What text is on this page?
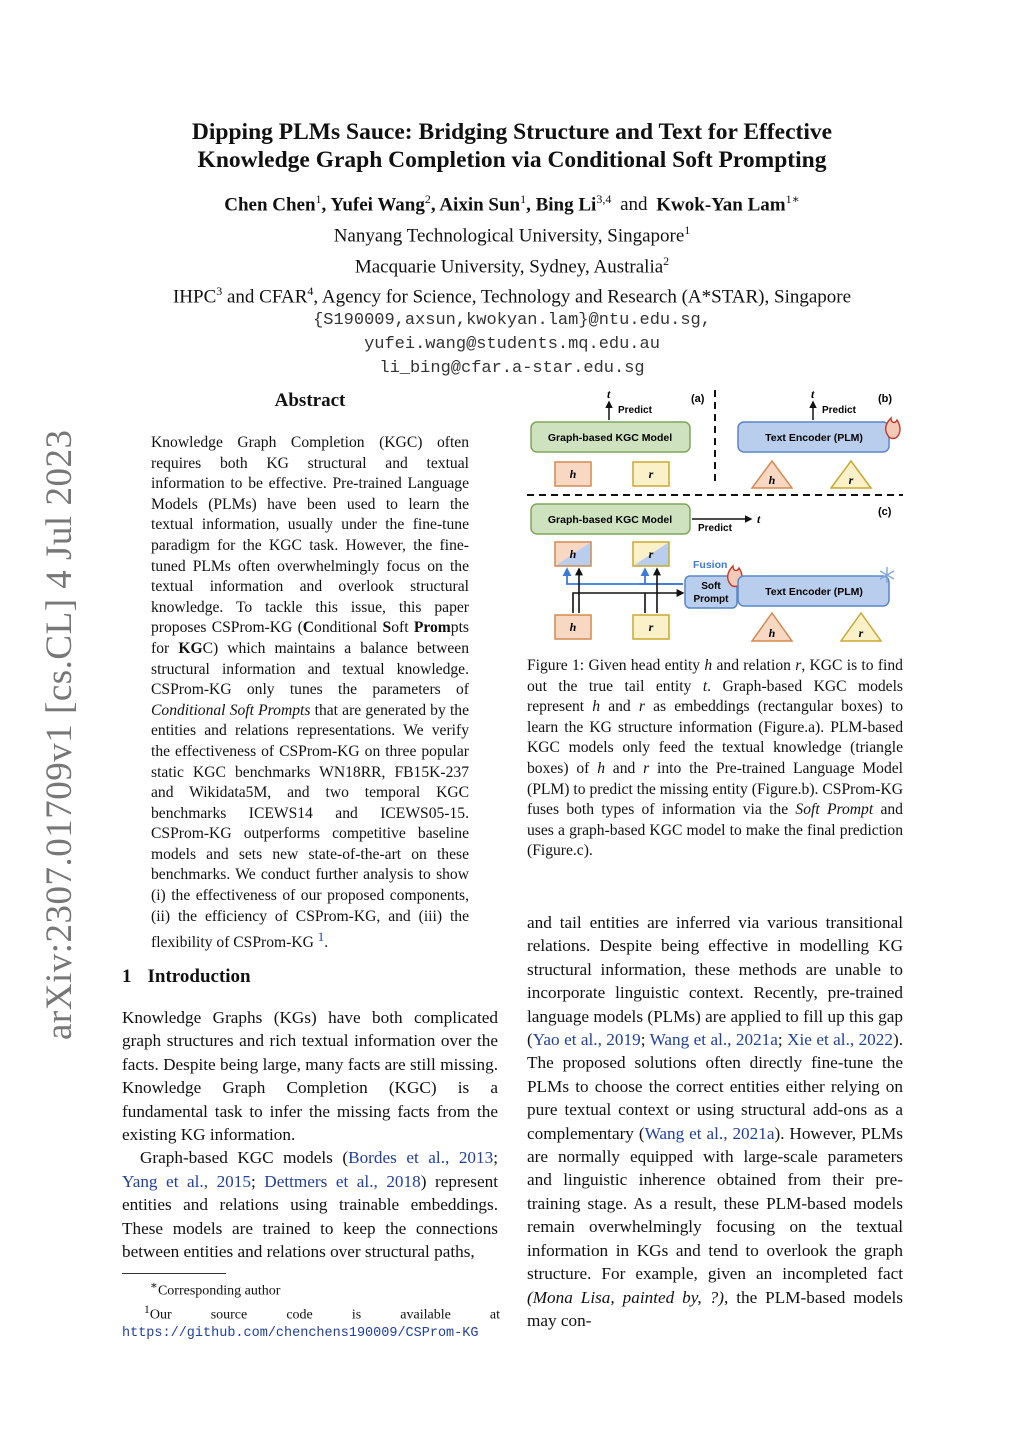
arXiv:2307.01709v1 [cs.CL] 4 Jul 2023
Dipping PLMs Sauce: Bridging Structure and Text for Effective
Knowledge Graph Completion via Conditional Soft Prompting
Chen Chen$^1$, Yufei Wang$^2$, Aixin Sun$^1$, Bing Li$^{3,4}$ and Kwok-Yan Lam$^{1∗}$
Nanyang Technological University, Singapore$^1$
Macquarie University, Sydney, Australia$^2$
IHPC$^3$ and CFAR$^4$, Agency for Science, Technology and Research (A*STAR), Singapore
{S190009,axsun,kwokyan.lam}@ntu.edu.sg,
yufei.wang@students.mq.edu.au
li_bing@cfar.a-star.edu.sg
Abstract
Knowledge Graph Completion (KGC) often requires both KG structural and textual information to be effective. Pre-trained Language Models (PLMs) have been used to learn the textual information, usually under the fine-tune paradigm for the KGC task. However, the fine-tuned PLMs often overwhelmingly focus on the textual information and overlook structural knowledge. To tackle this issue, this paper proposes CSProm-KG (Conditional Soft Prompts for KGC) which maintains a balance between structural information and textual knowledge. CSProm-KG only tunes the parameters of Conditional Soft Prompts that are generated by the entities and relations representations. We verify the effectiveness of CSProm-KG on three popular static KGC benchmarks WN18RR, FB15K-237 and Wikidata5M, and two temporal KGC benchmarks ICEWS14 and ICEWS05-15. CSProm-KG outperforms competitive baseline models and sets new state-of-the-art on these benchmarks. We conduct further analysis to show (i) the effectiveness of our proposed components, (ii) the efficiency of CSProm-KG, and (iii) the flexibility of CSProm-KG $^1$.
1 Introduction

Knowledge Graphs (KGs) have both complicated graph structures and rich textual information over the facts. Despite being large, many facts are still missing. Knowledge Graph Completion (KGC) is a fundamental task to infer the missing facts from the existing KG information.

Graph-based KGC models (Bordes et al., 2013; Yang et al., 2015; Dettmers et al., 2018) represent entities and relations using trainable embeddings. These models are trained to keep the connections between entities and relations over structural paths,

∗Corresponding author

$^1$Our source code is available at https://github.com/chenchens190009/CSProm-KG

(a)
t
Predict
Graph-based KGC Model
h	r
(b)
t
Predict
Text Encoder (PLM)
h	r
(c)
Graph-based KGC Model
Predict
t
h	r
Fusion
Soft
Prompt
Text Encoder (PLM)
h	r	h	r
Figure 1: Given head entity h and relation r, KGC is to find out the true tail entity t. Graph-based KGC models represent h and r as embeddings (rectangular boxes) to learn the KG structure information (Figure.a). PLM-based KGC models only feed the textual knowledge (triangle boxes) of h and r into the Pre-trained Language Model (PLM) to predict the missing entity (Figure.b). CSProm-KG fuses both types of information via the Soft Prompt and uses a graph-based KGC model to make the final prediction (Figure.c).

and tail entities are inferred via various transitional relations. Despite being effective in modelling KG structural information, these methods are unable to incorporate linguistic context. Recently, pre-trained language models (PLMs) are applied to fill up this gap (Yao et al., 2019; Wang et al., 2021a; Xie et al., 2022). The proposed solutions often directly fine-tune the PLMs to choose the correct entities either relying on pure textual context or using structural add-ons as a complementary (Wang et al., 2021a). However, PLMs are normally equipped with large-scale parameters and linguistic inherence obtained from their pre-training stage. As a result, these PLM-based models remain overwhelmingly focusing on the textual information in KGs and tend to overlook the graph structure. For example, given an incompleted fact (Mona Lisa, painted by, ?), the PLM-based models may con-
